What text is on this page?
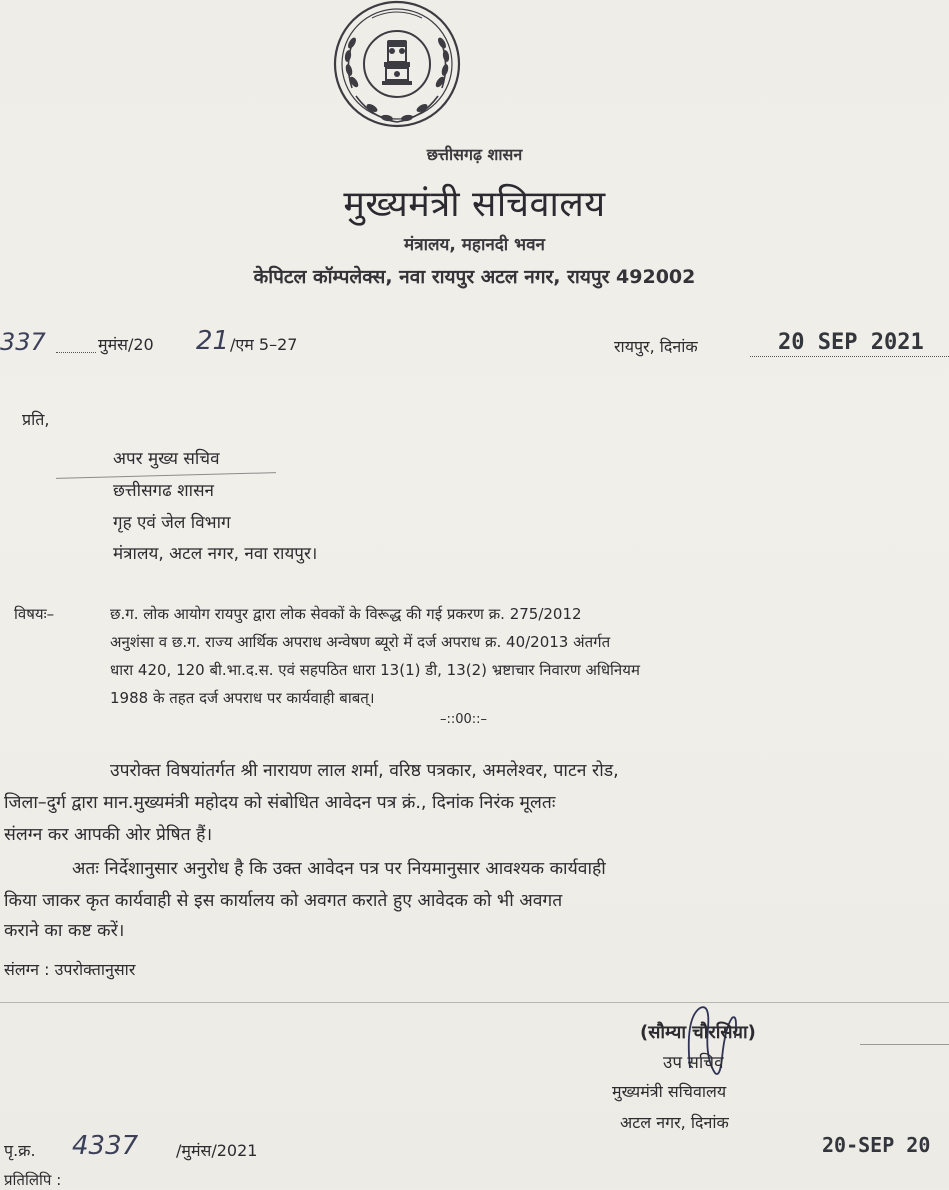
छत्तीसगढ़ शासन
मुख्यमंत्री सचिवालय
मंत्रालय, महानदी भवन
केपिटल कॉम्पलेक्स, नवा रायपुर अटल नगर, रायपुर 492002
337	मुमंस/20 21 /एम 5–27	रायपुर, दिनांक	20 SEP 2021
प्रति,
अपर मुख्य सचिव
छत्तीसगढ शासन
गृह एवं जेल विभाग
मंत्रालय, अटल नगर, नवा रायपुर।
विषयः–	छ.ग. लोक आयोग रायपुर द्वारा लोक सेवकों के विरूद्ध की गई प्रकरण क्र. 275/2012
अनुशंसा व छ.ग. राज्य आर्थिक अपराध अन्वेषण ब्यूरो में दर्ज अपराध क्र. 40/2013 अंतर्गत
धारा 420, 120 बी.भा.द.स. एवं सहपठित धारा 13(1) डी, 13(2) भ्रष्टाचार निवारण अधिनियम
1988 के तहत दर्ज अपराध पर कार्यवाही बाबत्।
–::00::–
उपरोक्त विषयांतर्गत श्री नारायण लाल शर्मा, वरिष्ठ पत्रकार, अमलेश्वर, पाटन रोड,
जिला–दुर्ग द्वारा मान.मुख्यमंत्री महोदय को संबोधित आवेदन पत्र क्रं., दिनांक निरंक मूलतः
संलग्न कर आपकी ओर प्रेषित हैं।
अतः निर्देशानुसार अनुरोध है कि उक्त आवेदन पत्र पर नियमानुसार आवश्यक कार्यवाही
किया जाकर कृत कार्यवाही से इस कार्यालय को अवगत कराते हुए आवेदक को भी अवगत
कराने का कष्ट करें।
संलग्न : उपरोक्तानुसार
(सौम्या चौरसिया)
उप सचिव
मुख्यमंत्री सचिवालय
अटल नगर, दिनांक
20-SEP 20
पृ.क्र. 4337 /मुमंस/2021
प्रतिलिपि :
